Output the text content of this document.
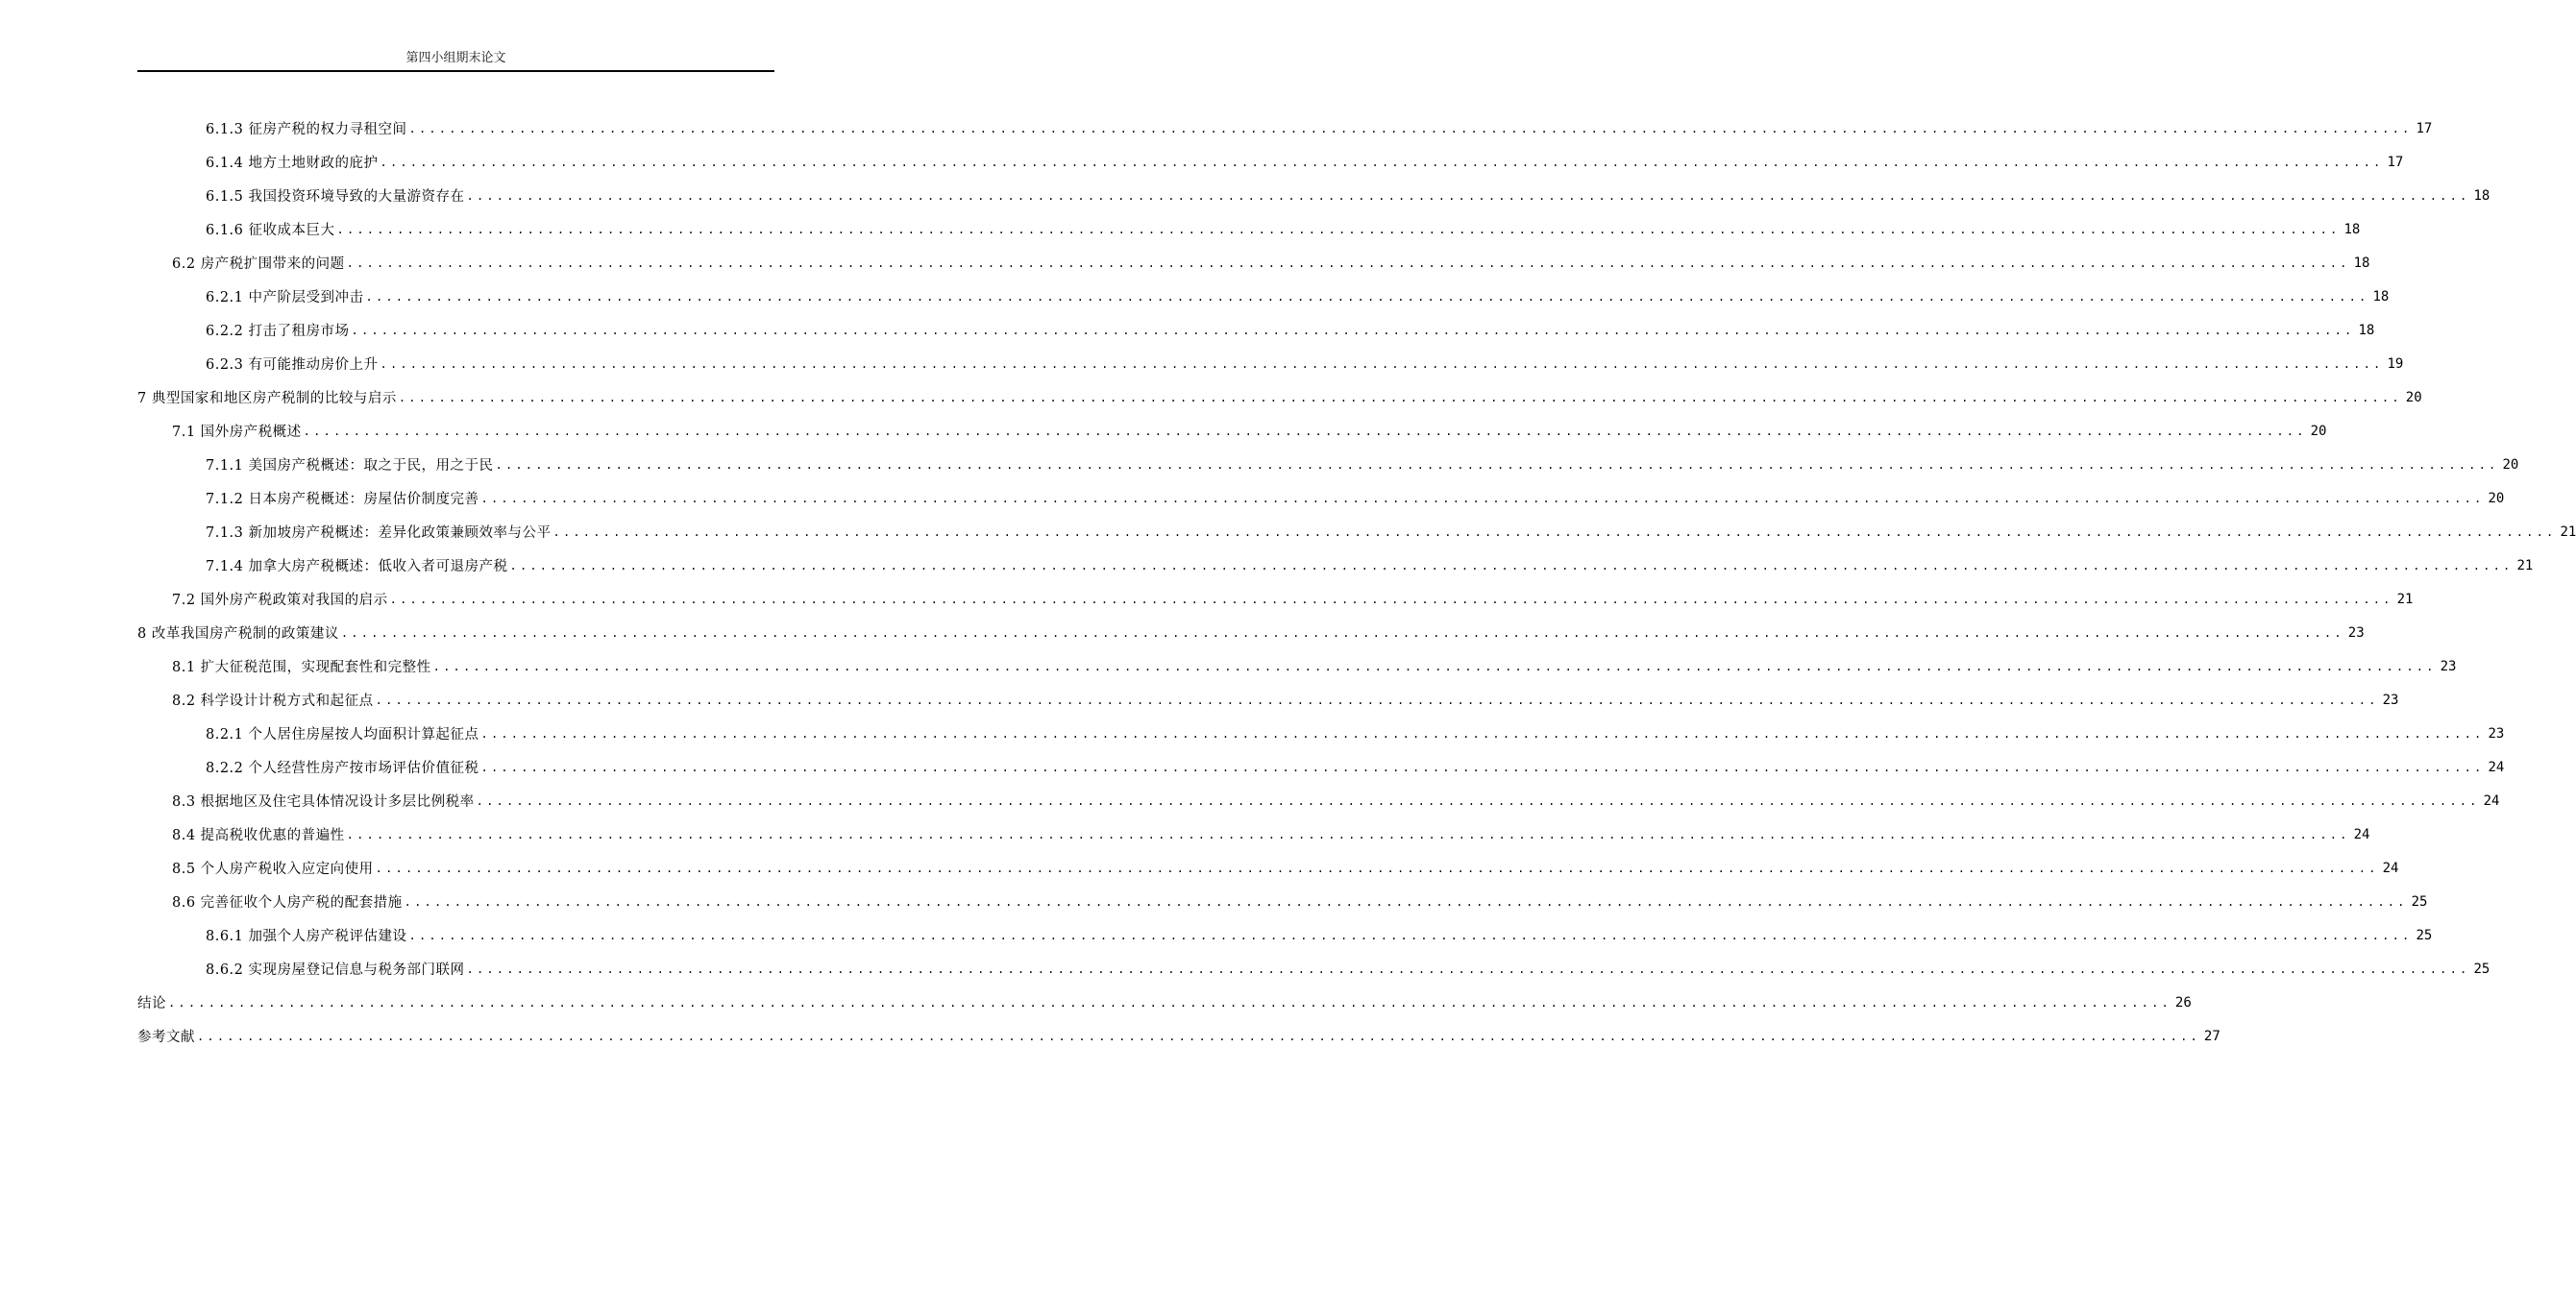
第四小组期末论文
6.1.3 征房产税的权力寻租空间 ........................................................................................................................................................................................................ 17
6.1.4 地方土地财政的庇护 ........................................................................................................................................................................................................ 17
6.1.5 我国投资环境导致的大量游资存在 ........................................................................................................................................................................................................ 18
6.1.6 征收成本巨大 ........................................................................................................................................................................................................ 18
6.2 房产税扩围带来的问题 ........................................................................................................................................................................................................ 18
6.2.1 中产阶层受到冲击 ........................................................................................................................................................................................................ 18
6.2.2 打击了租房市场 ........................................................................................................................................................................................................ 18
6.2.3 有可能推动房价上升 ........................................................................................................................................................................................................ 19
7 典型国家和地区房产税制的比较与启示 ........................................................................................................................................................................................................ 20
7.1 国外房产税概述 ........................................................................................................................................................................................................ 20
7.1.1 美国房产税概述：取之于民，用之于民 ........................................................................................................................................................................................................ 20
7.1.2 日本房产税概述：房屋估价制度完善 ........................................................................................................................................................................................................ 20
7.1.3 新加坡房产税概述：差异化政策兼顾效率与公平 ........................................................................................................................................................................................................ 21
7.1.4 加拿大房产税概述：低收入者可退房产税 ........................................................................................................................................................................................................ 21
7.2 国外房产税政策对我国的启示 ........................................................................................................................................................................................................ 21
8 改革我国房产税制的政策建议 ........................................................................................................................................................................................................ 23
8.1 扩大征税范围，实现配套性和完整性 ........................................................................................................................................................................................................ 23
8.2 科学设计计税方式和起征点 ........................................................................................................................................................................................................ 23
8.2.1 个人居住房屋按人均面积计算起征点 ........................................................................................................................................................................................................ 23
8.2.2 个人经营性房产按市场评估价值征税 ........................................................................................................................................................................................................ 24
8.3 根据地区及住宅具体情况设计多层比例税率 ........................................................................................................................................................................................................ 24
8.4 提高税收优惠的普遍性 ........................................................................................................................................................................................................ 24
8.5 个人房产税收入应定向使用 ........................................................................................................................................................................................................ 24
8.6 完善征收个人房产税的配套措施 ........................................................................................................................................................................................................ 25
8.6.1 加强个人房产税评估建设 ........................................................................................................................................................................................................ 25
8.6.2 实现房屋登记信息与税务部门联网 ........................................................................................................................................................................................................ 25
结论 ........................................................................................................................................................................................................ 26
参考文献 ........................................................................................................................................................................................................ 27
